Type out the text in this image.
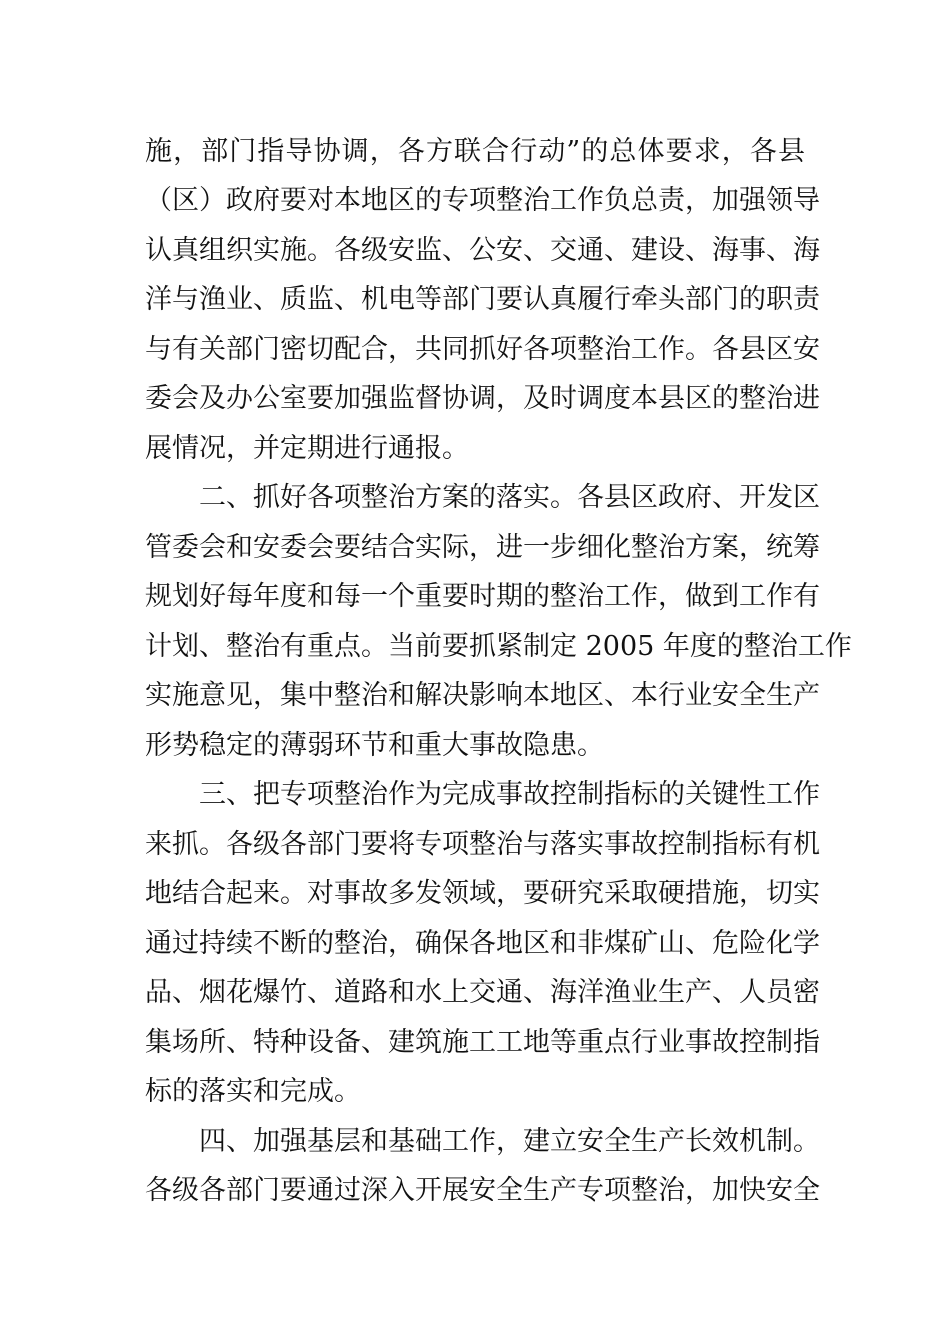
施，部门指导协调，各方联合行动”的总体要求，各县
（区）政府要对本地区的专项整治工作负总责，加强领导
认真组织实施。各级安监、公安、交通、建设、海事、海
洋与渔业、质监、机电等部门要认真履行牵头部门的职责
与有关部门密切配合，共同抓好各项整治工作。各县区安
委会及办公室要加强监督协调，及时调度本县区的整治进
展情况，并定期进行通报。
二、抓好各项整治方案的落实。各县区政府、开发区
管委会和安委会要结合实际，进一步细化整治方案，统筹
规划好每年度和每一个重要时期的整治工作，做到工作有
计划、整治有重点。当前要抓紧制定 2005 年度的整治工作
实施意见，集中整治和解决影响本地区、本行业安全生产
形势稳定的薄弱环节和重大事故隐患。
三、把专项整治作为完成事故控制指标的关键性工作
来抓。各级各部门要将专项整治与落实事故控制指标有机
地结合起来。对事故多发领域，要研究采取硬措施，切实
通过持续不断的整治，确保各地区和非煤矿山、危险化学
品、烟花爆竹、道路和水上交通、海洋渔业生产、人员密
集场所、特种设备、建筑施工工地等重点行业事故控制指
标的落实和完成。
四、加强基层和基础工作，建立安全生产长效机制。
各级各部门要通过深入开展安全生产专项整治，加快安全
